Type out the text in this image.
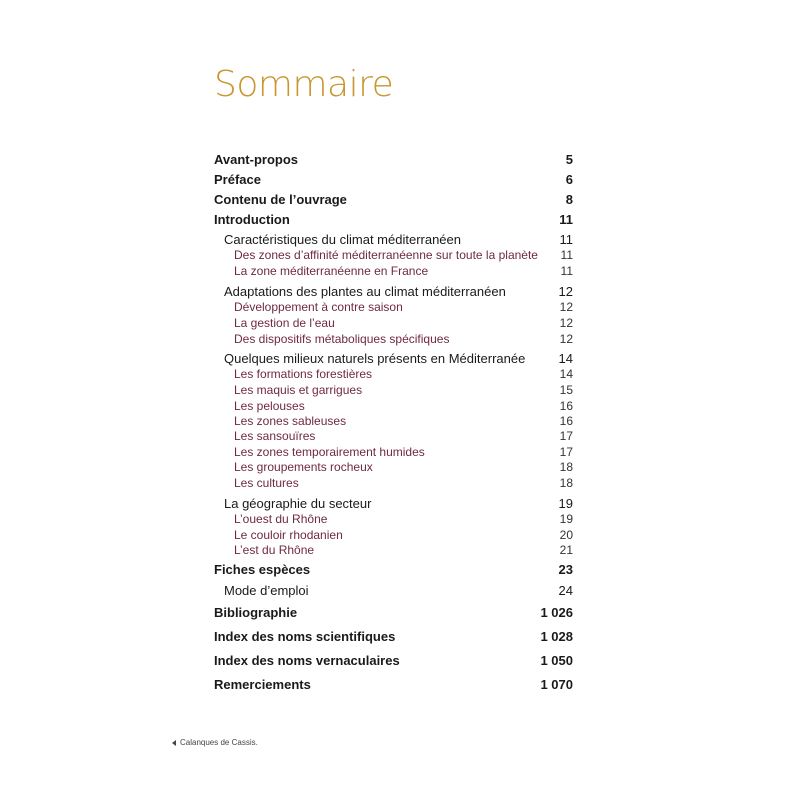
Sommaire
Avant-propos	5
Préface	6
Contenu de l’ouvrage	8
Introduction	11
Caractéristiques du climat méditerranéen	11
Des zones d’affinité méditerranéenne sur toute la planète 11
La zone méditerranéenne en France	11
Adaptations des plantes au climat méditerranéen	12
Développement à contre saison	12
La gestion de l’eau	12
Des dispositifs métaboliques spécifiques	12
Quelques milieux naturels présents en Méditerranée	14
Les formations forestières	14
Les maquis et garrigues	15
Les pelouses	16
Les zones sableuses	16
Les sansouïres	17
Les zones temporairement humides	17
Les groupements rocheux	18
Les cultures	18
La géographie du secteur	19
L’ouest du Rhône	19
Le couloir rhodanien	20
L’est du Rhône	21
Fiches espèces	23
Mode d’emploi	24
Bibliographie	1 026
Index des noms scientifiques	1 028
Index des noms vernaculaires	1 050
Remerciements	1 070
Calanques de Cassis.
